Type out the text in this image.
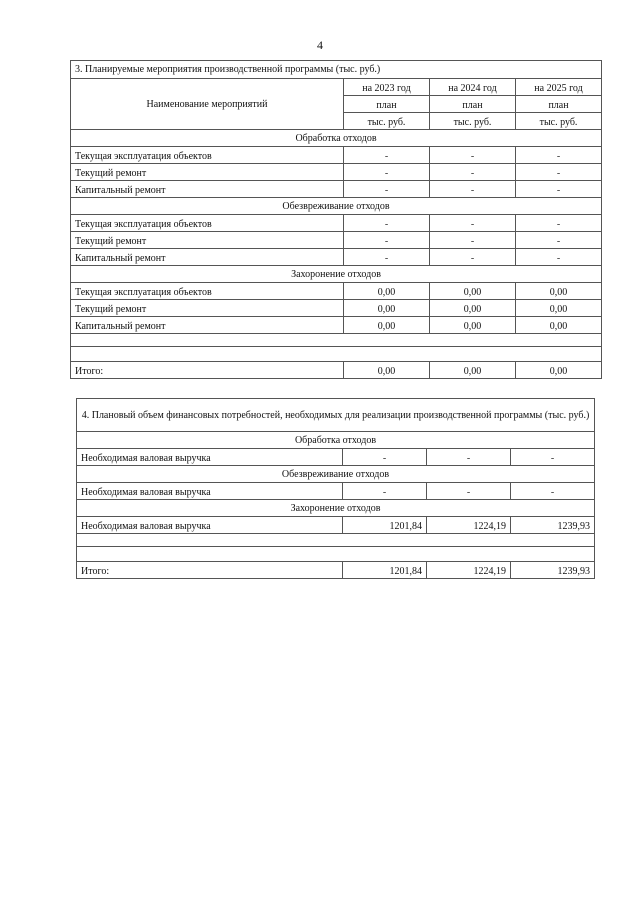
4
3. Планируемые мероприятия производственной программы (тыс. руб.)			
Наименование мероприятий	на 2023 год	на 2024 год	на 2025 год
	план	план	план
	тыс. руб.	тыс. руб.	тыс. руб.
Обработка отходов			
Текущая эксплуатация объектов	-	-	-
Текущий ремонт	-	-	-
Капитальный ремонт	-	-	-
Обезвреживание отходов			
Текущая эксплуатация объектов	-	-	-
Текущий ремонт	-	-	-
Капитальный ремонт	-	-	-
Захоронение отходов			
Текущая эксплуатация объектов	0,00	0,00	0,00
Текущий ремонт	0,00	0,00	0,00
Капитальный ремонт	0,00	0,00	0,00

Итого:	0,00	0,00	0,00
4. Плановый объем финансовых потребностей, необходимых для реализации производственной программы (тыс. руб.)			
Обработка отходов			
Необходимая валовая выручка	-	-	-
Обезвреживание отходов			
Необходимая валовая выручка	-	-	-
Захоронение отходов			
Необходимая валовая выручка	1201,84	1224,19	1239,93

Итого:	1201,84	1224,19	1239,93
